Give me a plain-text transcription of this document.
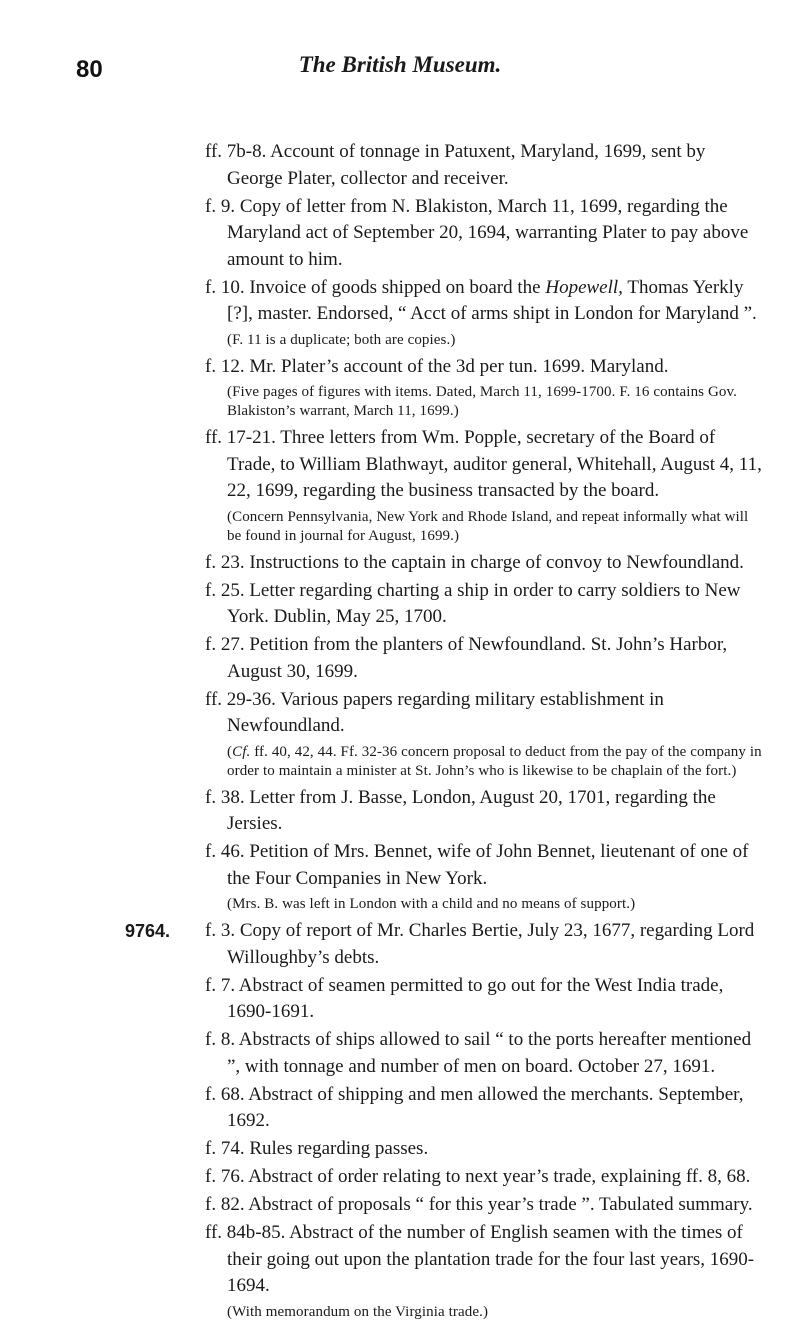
80	The British Museum.

ff. 7b-8. Account of tonnage in Patuxent, Maryland, 1699, sent by George Plater, collector and receiver.

f. 9. Copy of letter from N. Blakiston, March 11, 1699, regarding the Maryland act of September 20, 1694, warranting Plater to pay above amount to him.

f. 10. Invoice of goods shipped on board the Hopewell, Thomas Yerkly [?], master. Endorsed, “ Acct of arms shipt in London for Maryland ”.

(F. 11 is a duplicate; both are copies.)

f. 12. Mr. Plater’s account of the 3d per tun. 1699. Maryland.

(Five pages of figures with items. Dated, March 11, 1699-1700. F. 16 contains Gov. Blakiston’s warrant, March 11, 1699.)

ff. 17-21. Three letters from Wm. Popple, secretary of the Board of Trade, to William Blathwayt, auditor general, Whitehall, August 4, 11, 22, 1699, regarding the business transacted by the board.

(Concern Pennsylvania, New York and Rhode Island, and repeat informally what will be found in journal for August, 1699.)

f. 23. Instructions to the captain in charge of convoy to Newfoundland.

f. 25. Letter regarding charting a ship in order to carry soldiers to New York. Dublin, May 25, 1700.

f. 27. Petition from the planters of Newfoundland. St. John’s Harbor, August 30, 1699.

ff. 29-36. Various papers regarding military establishment in Newfoundland.

(Cf. ff. 40, 42, 44. Ff. 32-36 concern proposal to deduct from the pay of the company in order to maintain a minister at St. John’s who is likewise to be chaplain of the fort.)

f. 38. Letter from J. Basse, London, August 20, 1701, regarding the Jersies.

f. 46. Petition of Mrs. Bennet, wife of John Bennet, lieutenant of one of the Four Companies in New York.

(Mrs. B. was left in London with a child and no means of support.)

9764. f. 3. Copy of report of Mr. Charles Bertie, July 23, 1677, regarding Lord Willoughby’s debts.

f. 7. Abstract of seamen permitted to go out for the West India trade, 1690-1691.

f. 8. Abstracts of ships allowed to sail “ to the ports hereafter mentioned ”, with tonnage and number of men on board. October 27, 1691.

f. 68. Abstract of shipping and men allowed the merchants. September, 1692.

f. 74. Rules regarding passes.

f. 76. Abstract of order relating to next year’s trade, explaining ff. 8, 68.

f. 82. Abstract of proposals “ for this year’s trade ”. Tabulated summary.

ff. 84b-85. Abstract of the number of English seamen with the times of their going out upon the plantation trade for the four last years, 1690-1694.

(With memorandum on the Virginia trade.)
